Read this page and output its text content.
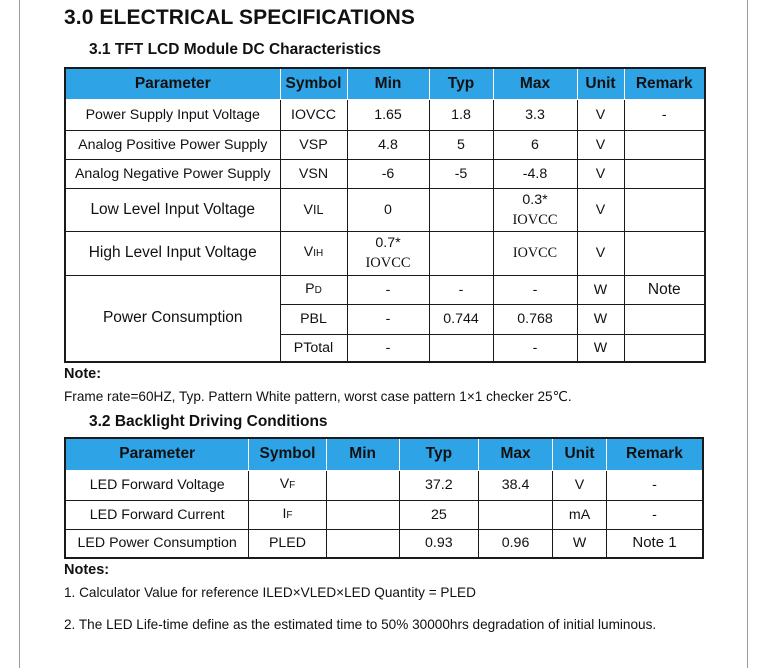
3.0 ELECTRICAL SPECIFICATIONS
3.1 TFT LCD Module DC Characteristics
Parameter	Symbol	Min	Typ	Max	Unit	Remark
Power Supply Input Voltage	IOVCC	1.65	1.8	3.3	V	-
Analog Positive Power Supply	VSP	4.8	5	6	V	
Analog Negative Power Supply	VSN	-6	-5	-4.8	V	
Low Level Input Voltage	VIL	0		0.3*
IOVCC	V	
High Level Input Voltage	VIH	0.7*
IOVCC		IOVCC	V	
Power Consumption	PD	-	-	-	W	Note
	PBL	-	0.744	0.768	W	
	PTotal	-		-	W	
Note:
Frame rate=60HZ, Typ. Pattern White pattern, worst case pattern 1×1 checker 25℃.
3.2 Backlight Driving Conditions
Parameter	Symbol	Min	Typ	Max	Unit	Remark
LED Forward Voltage	VF		37.2	38.4	V	-
LED Forward Current	IF		25		mA	-
LED Power Consumption	PLED		0.93	0.96	W	Note 1
Notes:
1. Calculator Value for reference ILED×VLED×LED Quantity = PLED
2. The LED Life-time define as the estimated time to 50% 30000hrs degradation of initial luminous.
